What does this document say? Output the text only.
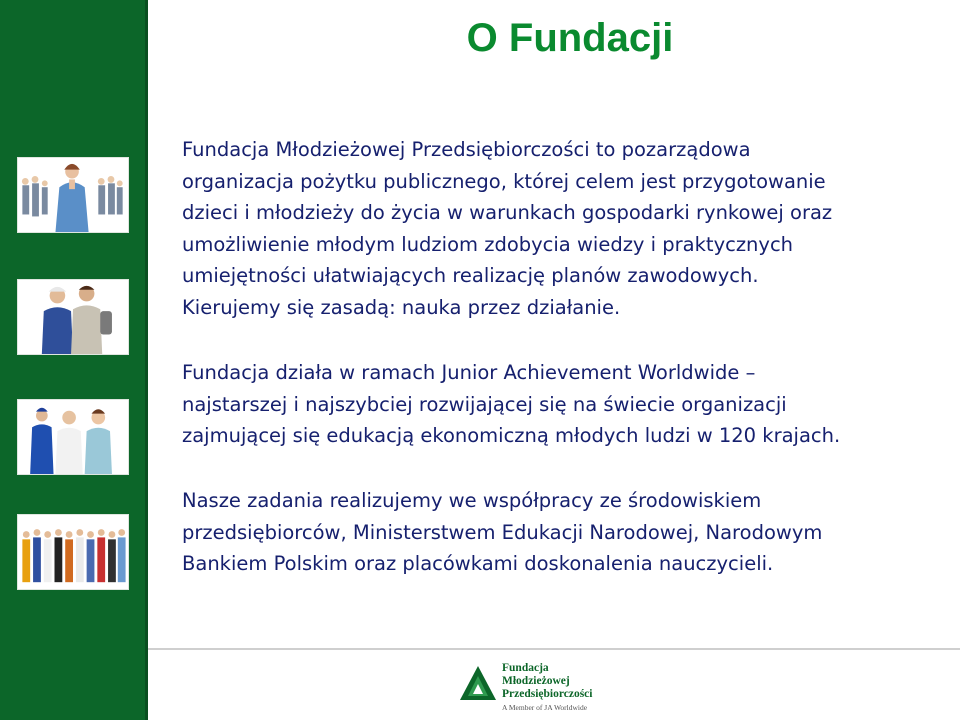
O Fundacji
Fundacja Młodzieżowej Przedsiębiorczości to pozarządowa
organizacja pożytku publicznego, której celem jest przygotowanie
dzieci i młodzieży do życia w warunkach gospodarki rynkowej oraz
umożliwienie młodym ludziom zdobycia wiedzy i praktycznych
umiejętności ułatwiających realizację planów zawodowych.
Kierujemy się zasadą: nauka przez działanie.
Fundacja działa w ramach Junior Achievement Worldwide –
najstarszej i najszybciej rozwijającej się na świecie organizacji
zajmującej się edukacją ekonomiczną młodych ludzi w 120 krajach.
Nasze zadania realizujemy we współpracy ze środowiskiem
przedsiębiorców, Ministerstwem Edukacji Narodowej, Narodowym
Bankiem Polskim oraz placówkami doskonalenia nauczycieli.
Fundacja
Młodzieżowej
Przedsiębiorczości
A Member of JA Worldwide
